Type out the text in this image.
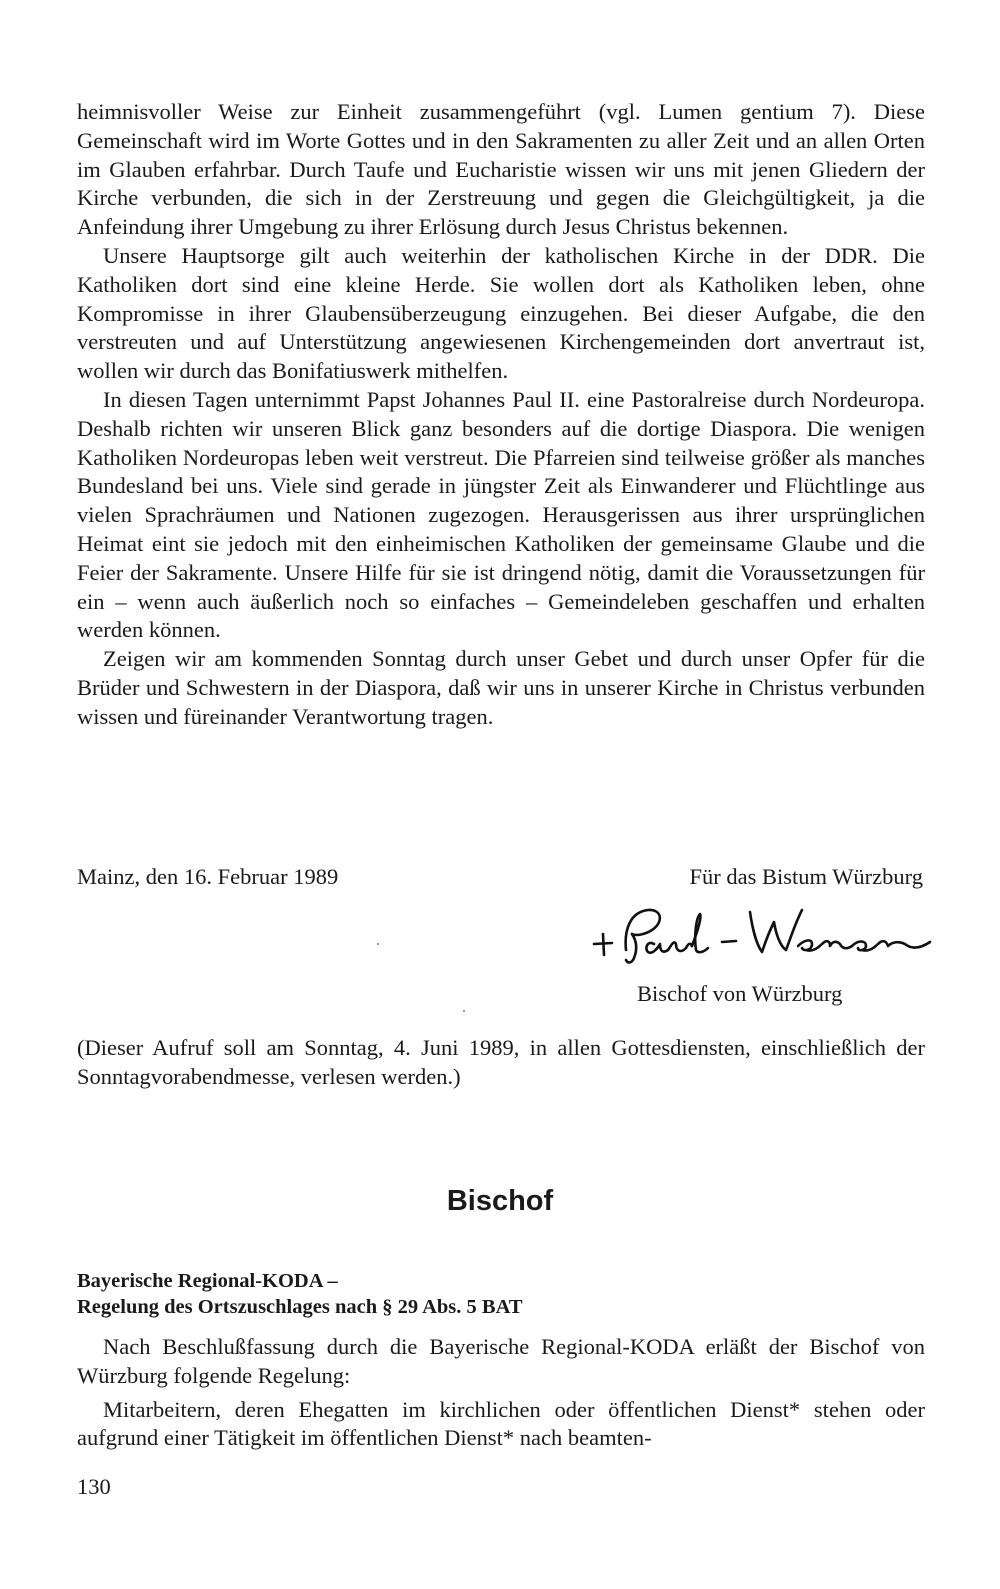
heimnisvoller Weise zur Einheit zusammengeführt (vgl. Lumen gentium 7). Diese Gemeinschaft wird im Worte Gottes und in den Sakramenten zu aller Zeit und an allen Orten im Glauben erfahrbar. Durch Taufe und Eucharistie wissen wir uns mit jenen Gliedern der Kirche verbunden, die sich in der Zerstreuung und gegen die Gleichgültigkeit, ja die Anfeindung ihrer Umgebung zu ihrer Erlösung durch Jesus Christus bekennen.

Unsere Hauptsorge gilt auch weiterhin der katholischen Kirche in der DDR. Die Katholiken dort sind eine kleine Herde. Sie wollen dort als Katholiken leben, ohne Kompromisse in ihrer Glaubensüberzeugung einzugehen. Bei dieser Aufgabe, die den verstreuten und auf Unterstützung angewiesenen Kirchengemeinden dort anvertraut ist, wollen wir durch das Bonifatiuswerk mithelfen.

In diesen Tagen unternimmt Papst Johannes Paul II. eine Pastoralreise durch Nordeuropa. Deshalb richten wir unseren Blick ganz besonders auf die dortige Diaspora. Die wenigen Katholiken Nordeuropas leben weit verstreut. Die Pfarreien sind teilweise größer als manches Bundesland bei uns. Viele sind gerade in jüngster Zeit als Einwanderer und Flüchtlinge aus vielen Sprachräumen und Nationen zugezogen. Herausgerissen aus ihrer ursprünglichen Heimat eint sie jedoch mit den einheimischen Katholiken der gemeinsame Glaube und die Feier der Sakramente. Unsere Hilfe für sie ist dringend nötig, damit die Voraussetzungen für ein – wenn auch äußerlich noch so einfaches – Gemeindeleben geschaffen und erhalten werden können.

Zeigen wir am kommenden Sonntag durch unser Gebet und durch unser Opfer für die Brüder und Schwestern in der Diaspora, daß wir uns in unserer Kirche in Christus verbunden wissen und füreinander Verantwortung tragen.

Mainz, den 16. Februar 1989	Für das Bistum Würzburg
Bischof von Würzburg

(Dieser Aufruf soll am Sonntag, 4. Juni 1989, in allen Gottesdiensten, einschließlich der Sonntagvorabendmesse, verlesen werden.)

Bischof
Bayerische Regional-KODA –
Regelung des Ortszuschlages nach § 29 Abs. 5 BAT

Nach Beschlußfassung durch die Bayerische Regional-KODA erläßt der Bischof von Würzburg folgende Regelung:

Mitarbeitern, deren Ehegatten im kirchlichen oder öffentlichen Dienst* stehen oder aufgrund einer Tätigkeit im öffentlichen Dienst* nach beamten-

130
